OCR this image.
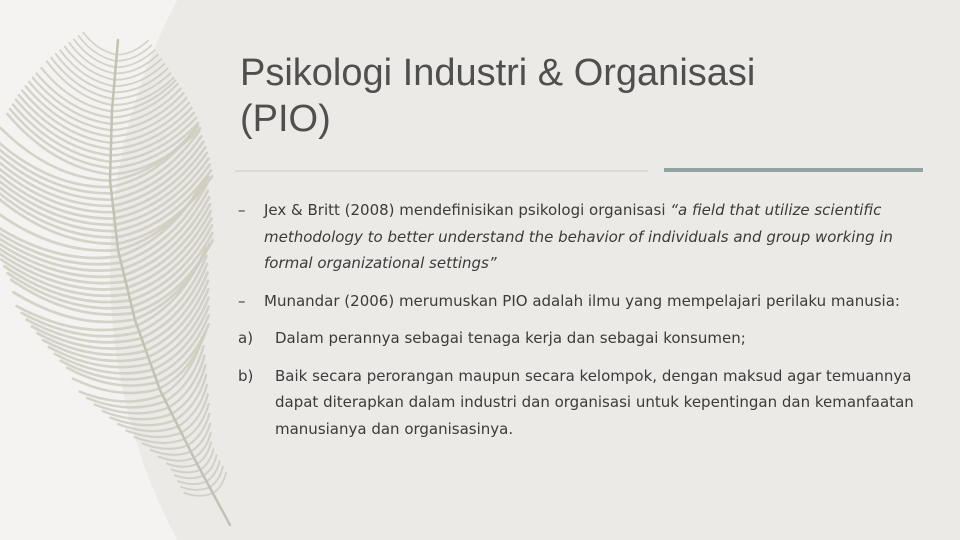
Psikologi Industri & Organisasi
(PIO)
– Jex & Britt (2008) mendefinisikan psikologi organisasi “a field that utilize scientific methodology to better understand the behavior of individuals and group working in formal organizational settings”
– Munandar (2006) merumuskan PIO adalah ilmu yang mempelajari perilaku manusia:
a) Dalam perannya sebagai tenaga kerja dan sebagai konsumen;
b) Baik secara perorangan maupun secara kelompok, dengan maksud agar temuannya dapat diterapkan dalam industri dan organisasi untuk kepentingan dan kemanfaatan manusianya dan organisasinya.
